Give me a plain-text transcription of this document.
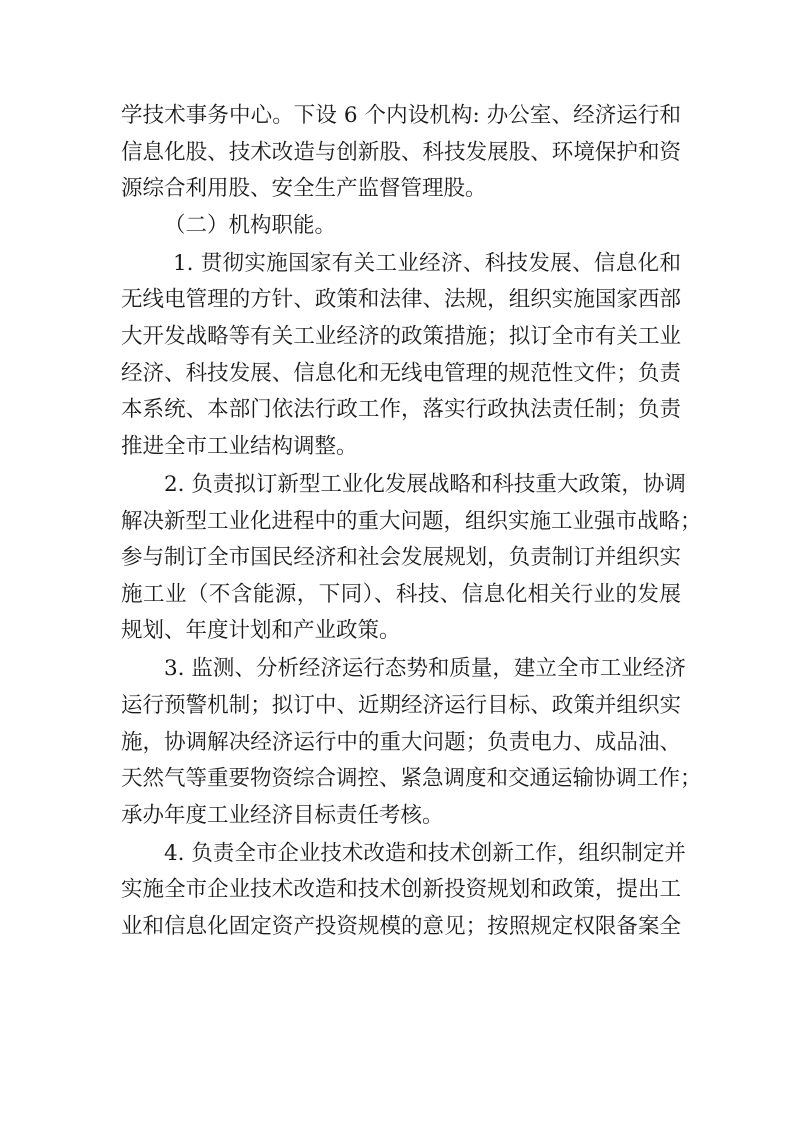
学技术事务中心。下设 6 个内设机构: 办公室、经济运行和
信息化股、技术改造与创新股、科技发展股、环境保护和资
源综合利用股、安全生产监督管理股。
（二）机构职能。
1. 贯彻实施国家有关工业经济、科技发展、信息化和
无线电管理的方针、政策和法律、法规，组织实施国家西部
大开发战略等有关工业经济的政策措施；拟订全市有关工业
经济、科技发展、信息化和无线电管理的规范性文件；负责
本系统、本部门依法行政工作，落实行政执法责任制；负责
推进全市工业结构调整。
2. 负责拟订新型工业化发展战略和科技重大政策，协调
解决新型工业化进程中的重大问题，组织实施工业强市战略；
参与制订全市国民经济和社会发展规划，负责制订并组织实
施工业（不含能源，下同）、科技、信息化相关行业的发展
规划、年度计划和产业政策。
3. 监测、分析经济运行态势和质量，建立全市工业经济
运行预警机制；拟订中、近期经济运行目标、政策并组织实
施，协调解决经济运行中的重大问题；负责电力、成品油、
天然气等重要物资综合调控、紧急调度和交通运输协调工作；
承办年度工业经济目标责任考核。
4. 负责全市企业技术改造和技术创新工作，组织制定并
实施全市企业技术改造和技术创新投资规划和政策，提出工
业和信息化固定资产投资规模的意见；按照规定权限备案全
